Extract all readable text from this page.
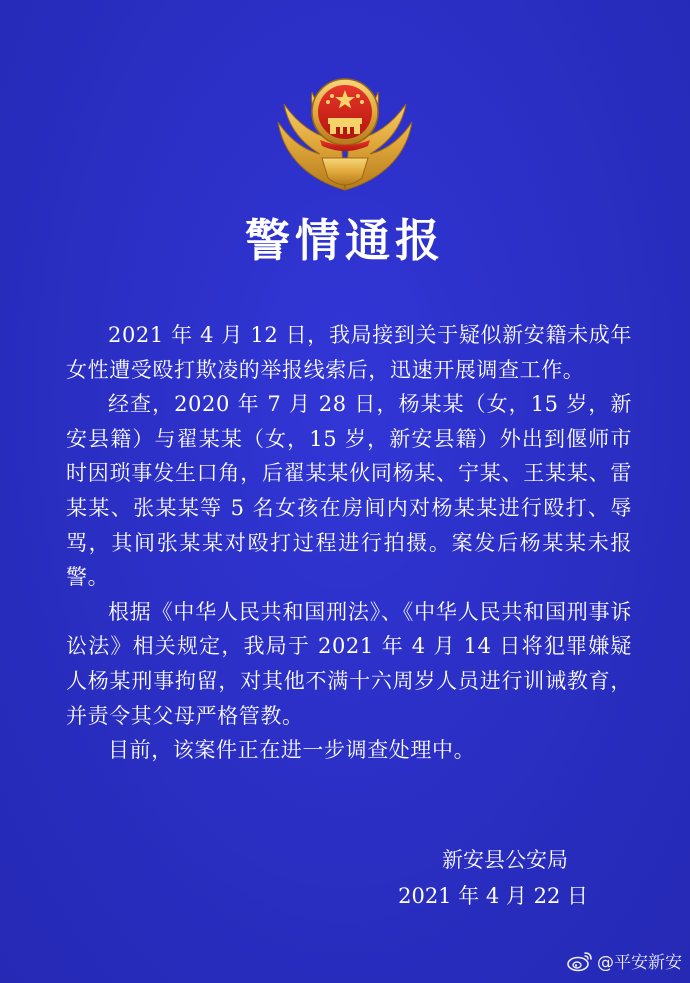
警情通报

2021 年 4 月 12 日，我局接到关于疑似新安籍未成年女性遭受殴打欺凌的举报线索后，迅速开展调查工作。

经查，2020 年 7 月 28 日，杨某某（女，15 岁，新安县籍）与翟某某（女，15 岁，新安县籍）外出到偃师市时因琐事发生口角，后翟某某伙同杨某、宁某、王某某、雷某某、张某某等 5 名女孩在房间内对杨某某进行殴打、辱骂，其间张某某对殴打过程进行拍摄。案发后杨某某未报警。

根据《中华人民共和国刑法》、《中华人民共和国刑事诉讼法》相关规定，我局于 2021 年 4 月 14 日将犯罪嫌疑人杨某刑事拘留，对其他不满十六周岁人员进行训诫教育，并责令其父母严格管教。

目前，该案件正在进一步调查处理中。

新安县公安局
2021 年 4 月 22 日
@平安新安
